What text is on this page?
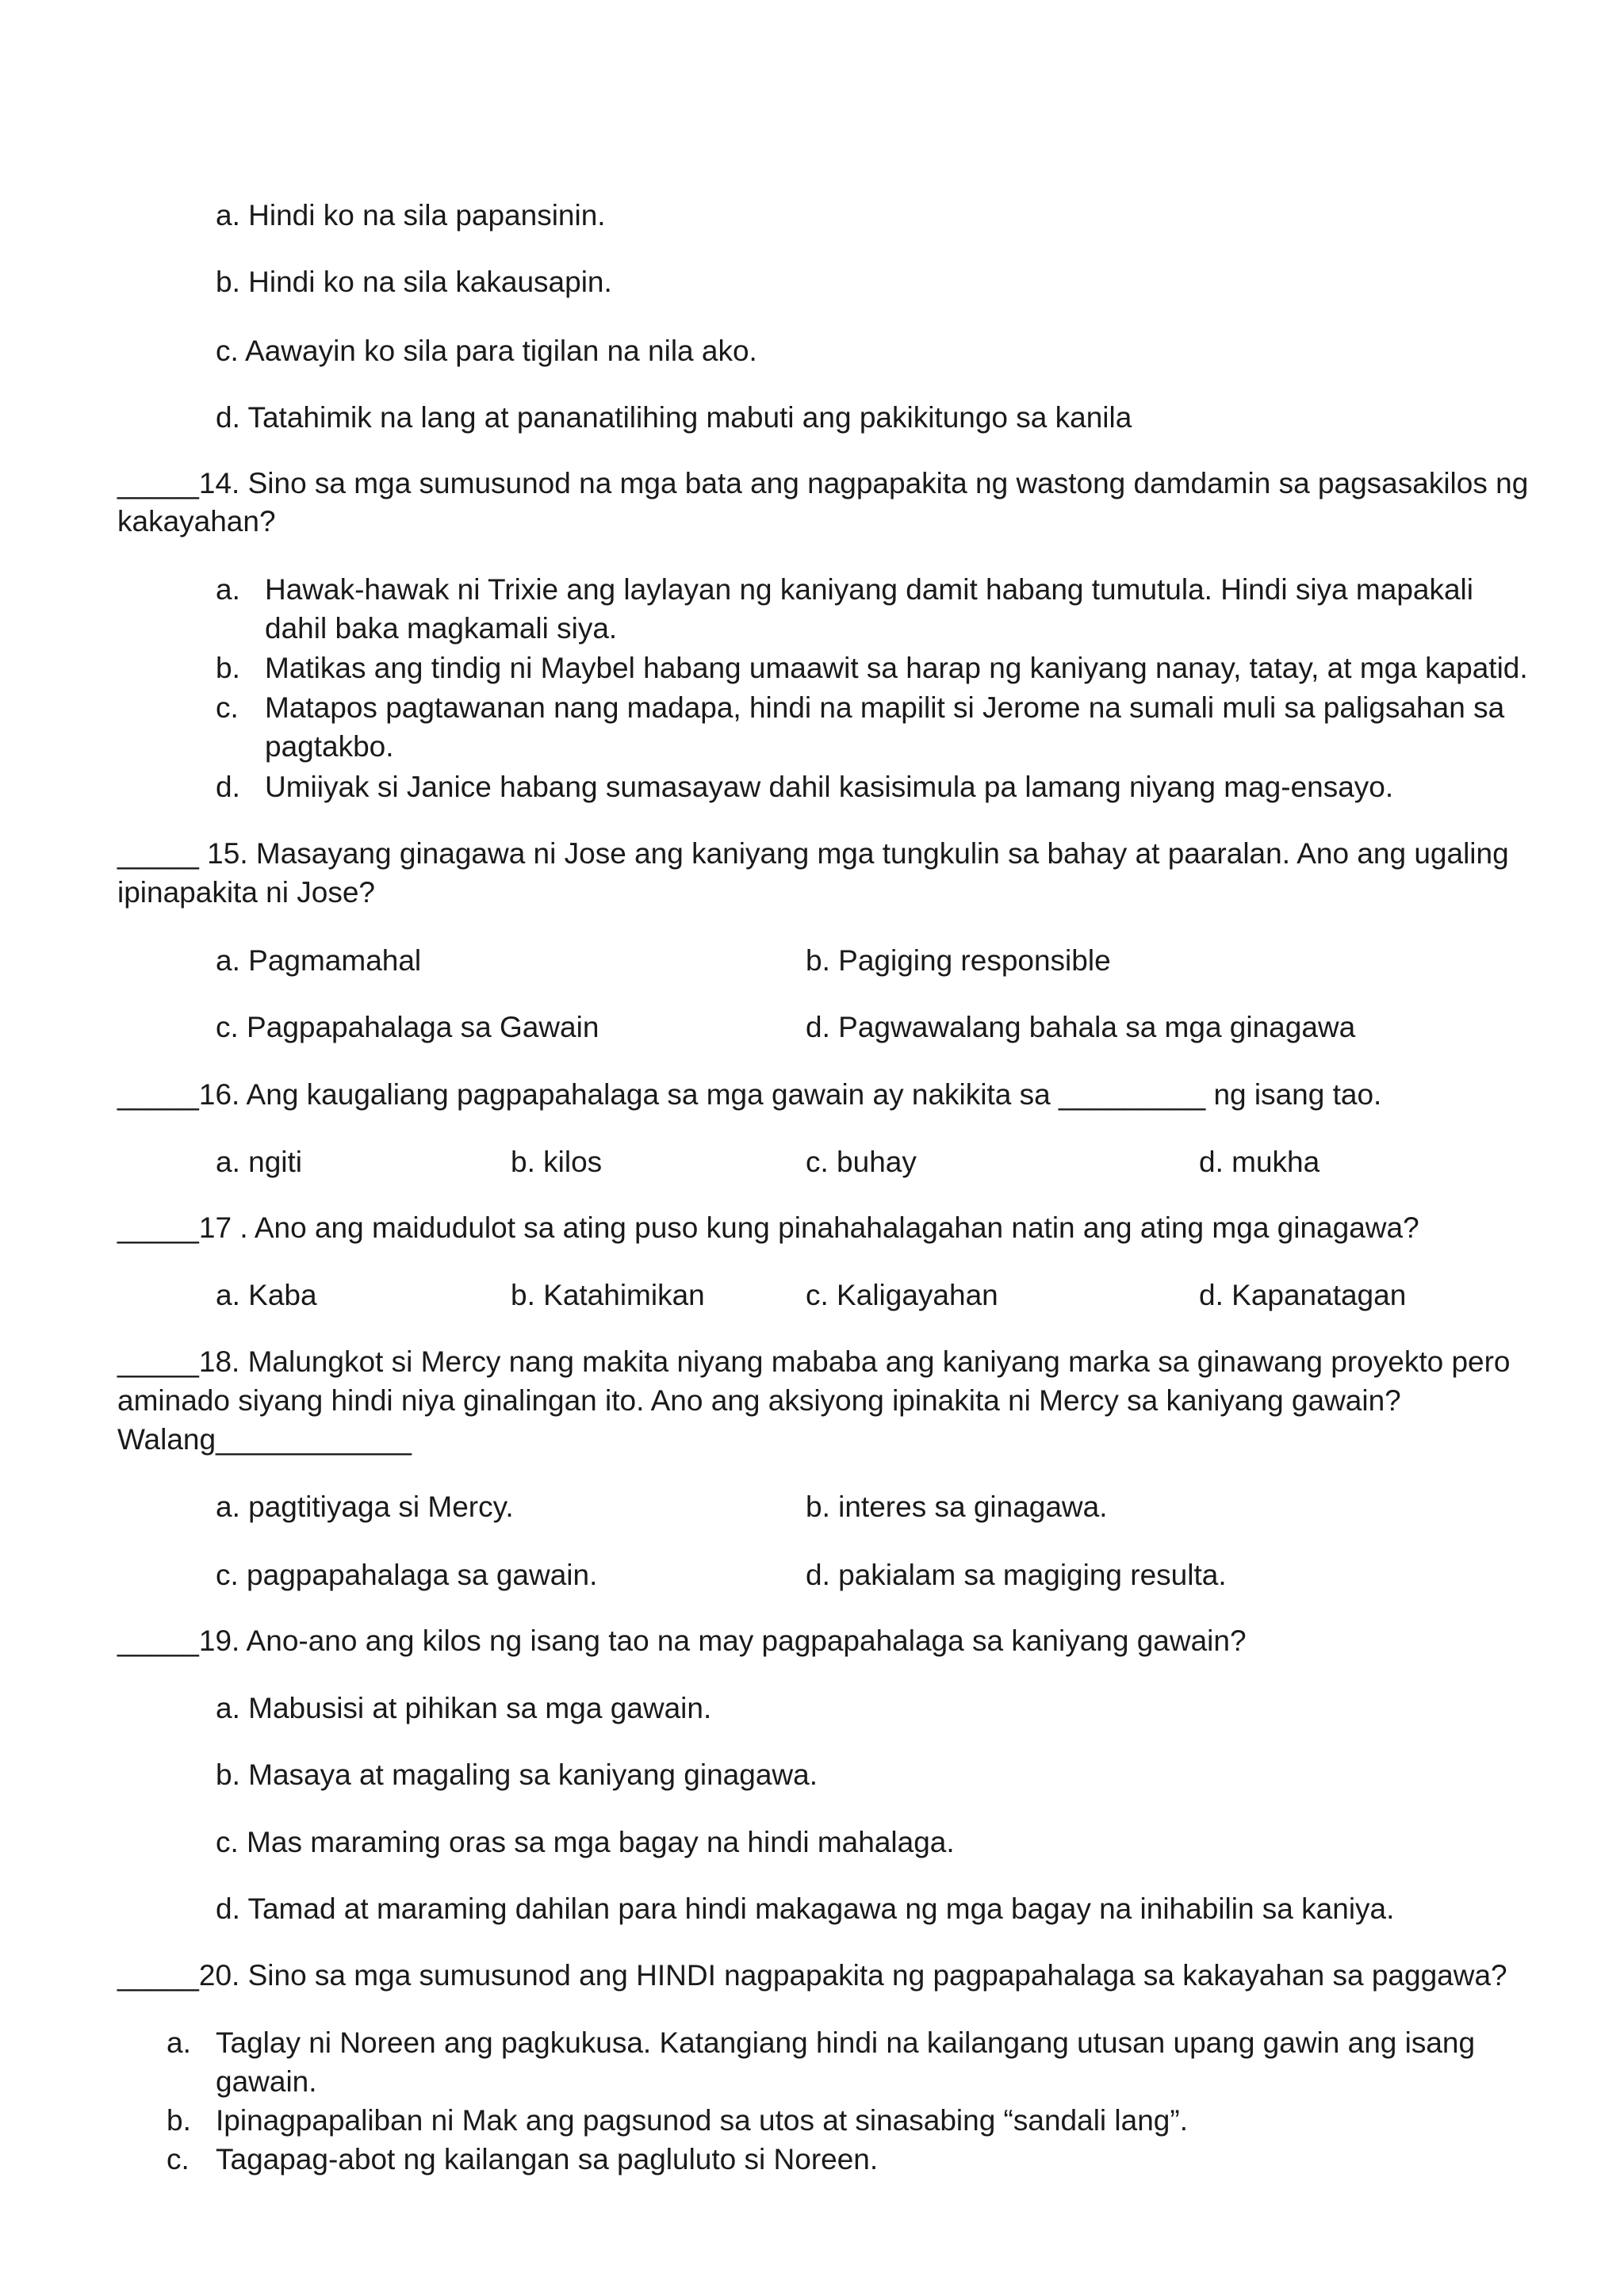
a. Hindi ko na sila papansinin.
b. Hindi ko na sila kakausapin.
c. Aawayin ko sila para tigilan na nila ako.
d. Tatahimik na lang at pananatilihing mabuti ang pakikitungo sa kanila
_____14. Sino sa mga sumusunod na mga bata ang nagpapakita ng wastong damdamin sa pagsasakilos ng
kakayahan?
a. Hawak-hawak ni Trixie ang laylayan ng kaniyang damit habang tumutula. Hindi siya mapakali
dahil baka magkamali siya.
b. Matikas ang tindig ni Maybel habang umaawit sa harap ng kaniyang nanay, tatay, at mga kapatid.
c. Matapos pagtawanan nang madapa, hindi na mapilit si Jerome na sumali muli sa paligsahan sa
pagtakbo.
d. Umiiyak si Janice habang sumasayaw dahil kasisimula pa lamang niyang mag-ensayo.
_____ 15. Masayang ginagawa ni Jose ang kaniyang mga tungkulin sa bahay at paaralan. Ano ang ugaling
ipinapakita ni Jose?
a. Pagmamahal	b. Pagiging responsible
c. Pagpapahalaga sa Gawain	d. Pagwawalang bahala sa mga ginagawa
_____16. Ang kaugaliang pagpapahalaga sa mga gawain ay nakikita sa _________ ng isang tao.
a. ngiti	b. kilos	c. buhay	d. mukha
_____17 . Ano ang maidudulot sa ating puso kung pinahahalagahan natin ang ating mga ginagawa?
a. Kaba	b. Katahimikan	c. Kaligayahan	d. Kapanatagan
_____18. Malungkot si Mercy nang makita niyang mababa ang kaniyang marka sa ginawang proyekto pero
aminado siyang hindi niya ginalingan ito. Ano ang aksiyong ipinakita ni Mercy sa kaniyang gawain?
Walang____________
a. pagtitiyaga si Mercy.	b. interes sa ginagawa.
c. pagpapahalaga sa gawain.	d. pakialam sa magiging resulta.
_____19. Ano-ano ang kilos ng isang tao na may pagpapahalaga sa kaniyang gawain?
a. Mabusisi at pihikan sa mga gawain.
b. Masaya at magaling sa kaniyang ginagawa.
c. Mas maraming oras sa mga bagay na hindi mahalaga.
d. Tamad at maraming dahilan para hindi makagawa ng mga bagay na inihabilin sa kaniya.
_____20. Sino sa mga sumusunod ang HINDI nagpapakita ng pagpapahalaga sa kakayahan sa paggawa?
a. Taglay ni Noreen ang pagkukusa. Katangiang hindi na kailangang utusan upang gawin ang isang
gawain.
b. Ipinagpapaliban ni Mak ang pagsunod sa utos at sinasabing “sandali lang”.
c. Tagapag-abot ng kailangan sa pagluluto si Noreen.
